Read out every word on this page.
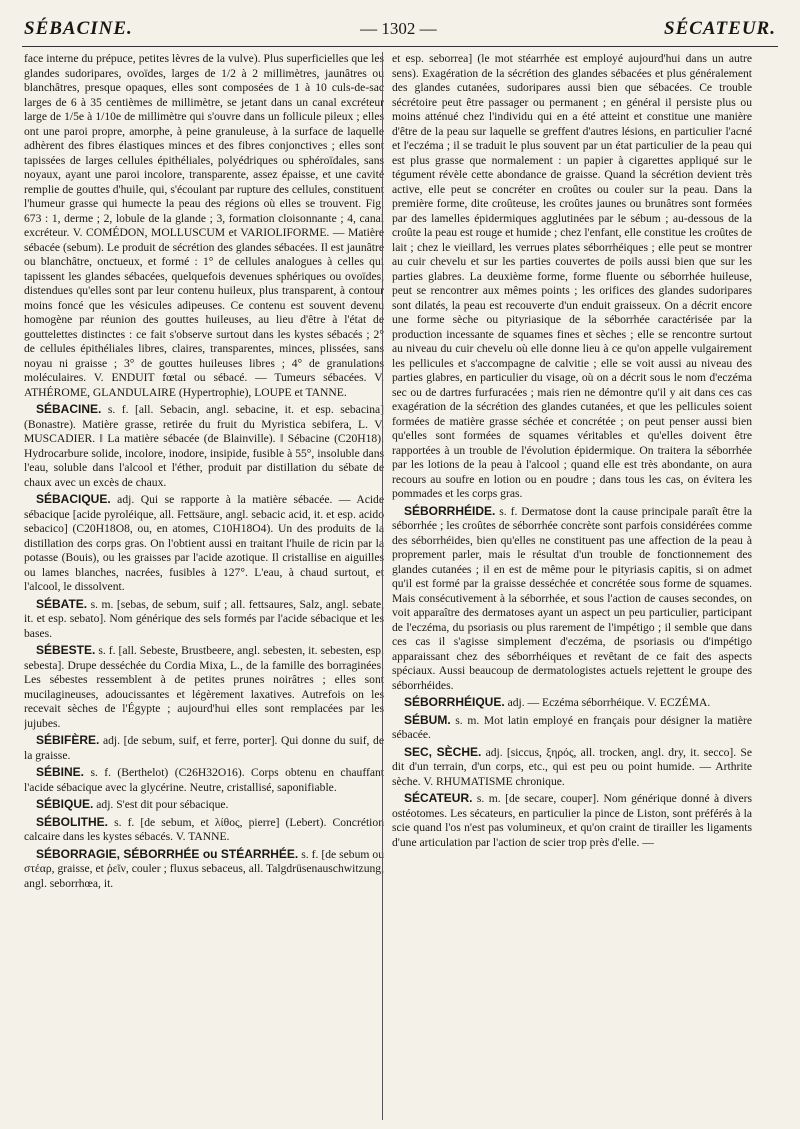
SÉBACINE.	— 1302 —	SÉCATEUR.

face interne du prépuce, petites lèvres de la vulve). Plus superficielles que les glandes sudoripares, ovoïdes, larges de 1/2 à 2 millimètres, jaunâtres ou blanchâtres, presque opaques, elles sont composées de 1 à 10 culs-de-sac larges de 6 à 35 centièmes de millimètre, se jetant dans un canal excréteur large de 1/5e à 1/10e de millimètre qui s'ouvre dans un follicule pileux ; elles ont une paroi propre, amorphe, à peine granuleuse, à la surface de laquelle adhèrent des fibres élastiques minces et des fibres conjonctives ; elles sont tapissées de larges cellules épithéliales, polyédriques ou sphéroïdales, sans noyaux, ayant une paroi incolore, transparente, assez épaisse, et une cavité remplie de gouttes d'huile, qui, s'écoulant par rupture des cellules, constituent l'humeur grasse qui humecte la peau des régions où elles se trouvent. Fig. 673 : 1, derme ; 2, lobule de la glande ; 3, formation cloisonnante ; 4, canal excréteur. V. COMÉDON, MOLLUSCUM et VARIOLIFORME. — Matière sébacée (sebum). Le produit de sécrétion des glandes sébacées. Il est jaunâtre ou blanchâtre, onctueux, et formé : 1° de cellules analogues à celles qui tapissent les glandes sébacées, quelquefois devenues sphériques ou ovoïdes, distendues qu'elles sont par leur contenu huileux, plus transparent, à contour moins foncé que les vésicules adipeuses. Ce contenu est souvent devenu homogène par réunion des gouttes huileuses, au lieu d'être à l'état de gouttelettes distinctes : ce fait s'observe surtout dans les kystes sébacés ; 2° de cellules épithéliales libres, claires, transparentes, minces, plissées, sans noyau ni graisse ; 3° de gouttes huileuses libres ; 4° de granulations moléculaires. V. ENDUIT fœtal ou sébacé. — Tumeurs sébacées. V. ATHÉROME, GLANDULAIRE (Hypertrophie), LOUPE et TANNE.

SÉBACINE. s. f. [all. Sebacin, angl. sebacine, it. et esp. sebacina] (Bonastre). Matière grasse, retirée du fruit du Myristica sebifera, L. V. MUSCADIER. ‖ La matière sébacée (de Blainville). ‖ Sébacine (C20H18). Hydrocarbure solide, incolore, inodore, insipide, fusible à 55°, insoluble dans l'eau, soluble dans l'alcool et l'éther, produit par distillation du sébate de chaux avec un excès de chaux.

SÉBACIQUE. adj. Qui se rapporte à la matière sébacée. — Acide sébacique [acide pyroléique, all. Fettsäure, angl. sebacic acid, it. et esp. acido sebacico] (C20H18O8, ou, en atomes, C10H18O4). Un des produits de la distillation des corps gras. On l'obtient aussi en traitant l'huile de ricin par la potasse (Bouis), ou les graisses par l'acide azotique. Il cristallise en aiguilles ou lames blanches, nacrées, fusibles à 127°. L'eau, à chaud surtout, et l'alcool, le dissolvent.

SÉBATE. s. m. [sebas, de sebum, suif ; all. fettsaures, Salz, angl. sebate, it. et esp. sebato]. Nom générique des sels formés par l'acide sébacique et les bases.

SÉBESTE. s. f. [all. Sebeste, Brustbeere, angl. sebesten, it. sebesten, esp. sebesta]. Drupe desséchée du Cordia Mixa, L., de la famille des borraginées. Les sébestes ressemblent à de petites prunes noirâtres ; elles sont mucilagineuses, adoucissantes et légèrement laxatives. Autrefois on les recevait sèches de l'Égypte ; aujourd'hui elles sont remplacées par les jujubes.

SÉBIFÈRE. adj. [de sebum, suif, et ferre, porter]. Qui donne du suif, de la graisse.

SÉBINE. s. f. (Berthelot) (C26H32O16). Corps obtenu en chauffant l'acide sébacique avec la glycérine. Neutre, cristallisé, saponifiable.

SÉBIQUE. adj. S'est dit pour sébacique.

SÉBOLITHE. s. f. [de sebum, et λίθος, pierre] (Lebert). Concrétion calcaire dans les kystes sébacés. V. TANNE.

SÉBORRAGIE, SÉBORRHÉE ou STÉARRHÉE. s. f. [de sebum ou στέαρ, graisse, et ῥεῖν, couler ; fluxus sebaceus, all. Talgdrüsenauschwitzung, angl. seborrhœa, it.

et esp. seborrea] (le mot stéarrhée est employé aujourd'hui dans un autre sens). Exagération de la sécrétion des glandes sébacées et plus généralement des glandes cutanées, sudoripares aussi bien que sébacées. Ce trouble sécrétoire peut être passager ou permanent ; en général il persiste plus ou moins atténué chez l'individu qui en a été atteint et constitue une manière d'être de la peau sur laquelle se greffent d'autres lésions, en particulier l'acné et l'eczéma ; il se traduit le plus souvent par un état particulier de la peau qui est plus grasse que normalement : un papier à cigarettes appliqué sur le tégument révèle cette abondance de graisse. Quand la sécrétion devient très active, elle peut se concréter en croûtes ou couler sur la peau. Dans la première forme, dite croûteuse, les croûtes jaunes ou brunâtres sont formées par des lamelles épidermiques agglutinées par le sébum ; au-dessous de la croûte la peau est rouge et humide ; chez l'enfant, elle constitue les croûtes de lait ; chez le vieillard, les verrues plates séborrhéiques ; elle peut se montrer au cuir chevelu et sur les parties couvertes de poils aussi bien que sur les parties glabres. La deuxième forme, forme fluente ou séborrhée huileuse, peut se rencontrer aux mêmes points ; les orifices des glandes sudoripares sont dilatés, la peau est recouverte d'un enduit graisseux. On a décrit encore une forme sèche ou pityriasique de la séborrhée caractérisée par la production incessante de squames fines et sèches ; elle se rencontre surtout au niveau du cuir chevelu où elle donne lieu à ce qu'on appelle vulgairement les pellicules et s'accompagne de calvitie ; elle se voit aussi au niveau des parties glabres, en particulier du visage, où on a décrit sous le nom d'eczéma sec ou de dartres furfuracées ; mais rien ne démontre qu'il y ait dans ces cas exagération de la sécrétion des glandes cutanées, et que les pellicules soient formées de matière grasse séchée et concrétée ; on peut penser aussi bien qu'elles sont formées de squames véritables et qu'elles doivent être rapportées à un trouble de l'évolution épidermique. On traitera la séborrhée par les lotions de la peau à l'alcool ; quand elle est très abondante, on aura recours au soufre en lotion ou en poudre ; dans tous les cas, on évitera les pommades et les corps gras.

SÉBORRHÉIDE. s. f. Dermatose dont la cause principale paraît être la séborrhée ; les croûtes de séborrhée concrète sont parfois considérées comme des séborrhéides, bien qu'elles ne constituent pas une affection de la peau à proprement parler, mais le résultat d'un trouble de fonctionnement des glandes cutanées ; il en est de même pour le pityriasis capitis, si on admet qu'il est formé par la graisse desséchée et concrétée sous forme de squames. Mais consécutivement à la séborrhée, et sous l'action de causes secondes, on voit apparaître des dermatoses ayant un aspect un peu particulier, participant de l'eczéma, du psoriasis ou plus rarement de l'impétigo ; il semble que dans ces cas il s'agisse simplement d'eczéma, de psoriasis ou d'impétigo apparaissant chez des séborrhéiques et revêtant de ce fait des aspects spéciaux. Aussi beaucoup de dermatologistes actuels rejettent le groupe des séborrhéides.

SÉBORRHÉIQUE. adj. — Eczéma séborrhéique. V. ECZÉMA.

SÉBUM. s. m. Mot latin employé en français pour désigner la matière sébacée.

SEC, SÈCHE. adj. [siccus, ξηρός, all. trocken, angl. dry, it. secco]. Se dit d'un terrain, d'un corps, etc., qui est peu ou point humide. — Arthrite sèche. V. RHUMATISME chronique.

SÉCATEUR. s. m. [de secare, couper]. Nom générique donné à divers ostéotomes. Les sécateurs, en particulier la pince de Liston, sont préférés à la scie quand l'os n'est pas volumineux, et qu'on craint de tirailler les ligaments d'une articulation par l'action de scier trop près d'elle. —
